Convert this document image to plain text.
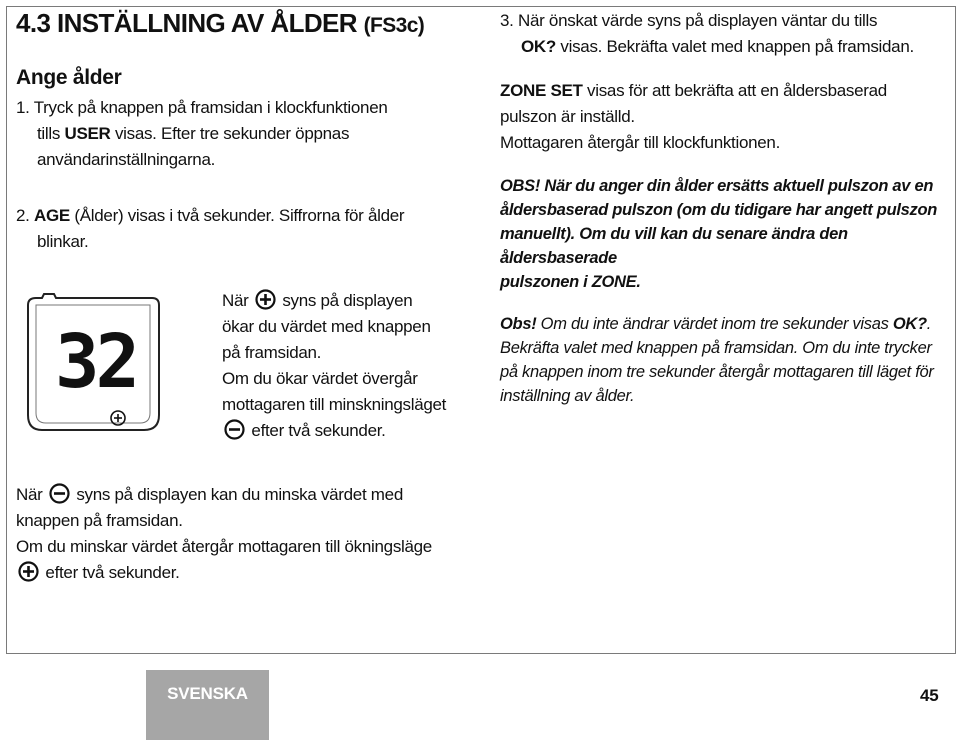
4.3 INSTÄLLNING AV ÅLDER (FS3c)
Ange ålder

1. Tryck på knappen på framsidan i klockfunktionen

tills USER visas. Efter tre sekunder öppnas

användarinställningarna.

2. AGE (Ålder) visas i två sekunder. Siffrorna för ålder

blinkar.

32

När  syns på displayen

ökar du värdet med knappen

på framsidan.

Om du ökar värdet övergår

mottagaren till minskningsläget

efter två sekunder.

När  syns på displayen kan du minska värdet med

knappen på framsidan.

Om du minskar värdet återgår mottagaren till ökningsläge

efter två sekunder.

3. När önskat värde syns på displayen väntar du tills
OK? visas. Bekräfta valet med knappen på framsidan.

ZONE SET visas för att bekräfta att en åldersbaserad
pulszon är inställd.
Mottagaren återgår till klockfunktionen.

OBS! När du anger din ålder ersätts aktuell pulszon av en
åldersbaserad pulszon (om du tidigare har angett pulszon
manuellt). Om du vill kan du senare ändra den åldersbaserade
pulszonen i ZONE.

Obs! Om du inte ändrar värdet inom tre sekunder visas OK?.
Bekräfta valet med knappen på framsidan. Om du inte trycker
på knappen inom tre sekunder återgår mottagaren till läget för
inställning av ålder.

SVENSKA	45
